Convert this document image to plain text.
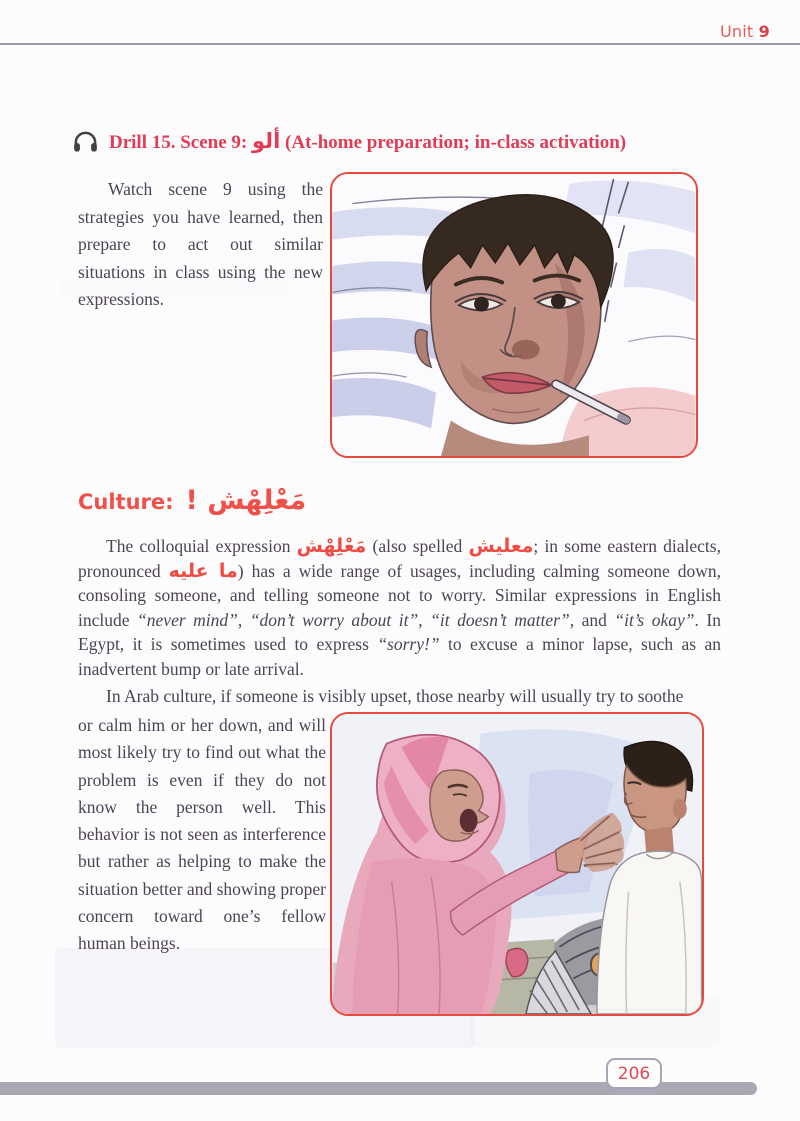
Unit 9
Drill 15. Scene 9: ألو (At-home preparation; in-class activation)

Watch scene 9 using the strategies you have learned, then prepare to act out similar situations in class using the new expressions.

Culture: مَعْلِهْش !

The colloquial expression مَعْلِهْش (also spelled معليش; in some eastern dialects, pronounced ما عليه) has a wide range of usages, including calming someone down, consoling someone, and telling someone not to worry. Similar expressions in English include “never mind”, “don’t worry about it”, “it doesn’t matter”, and “it’s okay”. In Egypt, it is sometimes used to express “sorry!” to excuse a minor lapse, such as an inadvertent bump or late arrival.

In Arab culture, if someone is visibly upset, those nearby will usually try to soothe

or calm him or her down, and will most likely try to find out what the problem is even if they do not know the person well. This behavior is not seen as interference but rather as helping to make the situation better and showing proper concern toward one’s fellow human beings.

206
